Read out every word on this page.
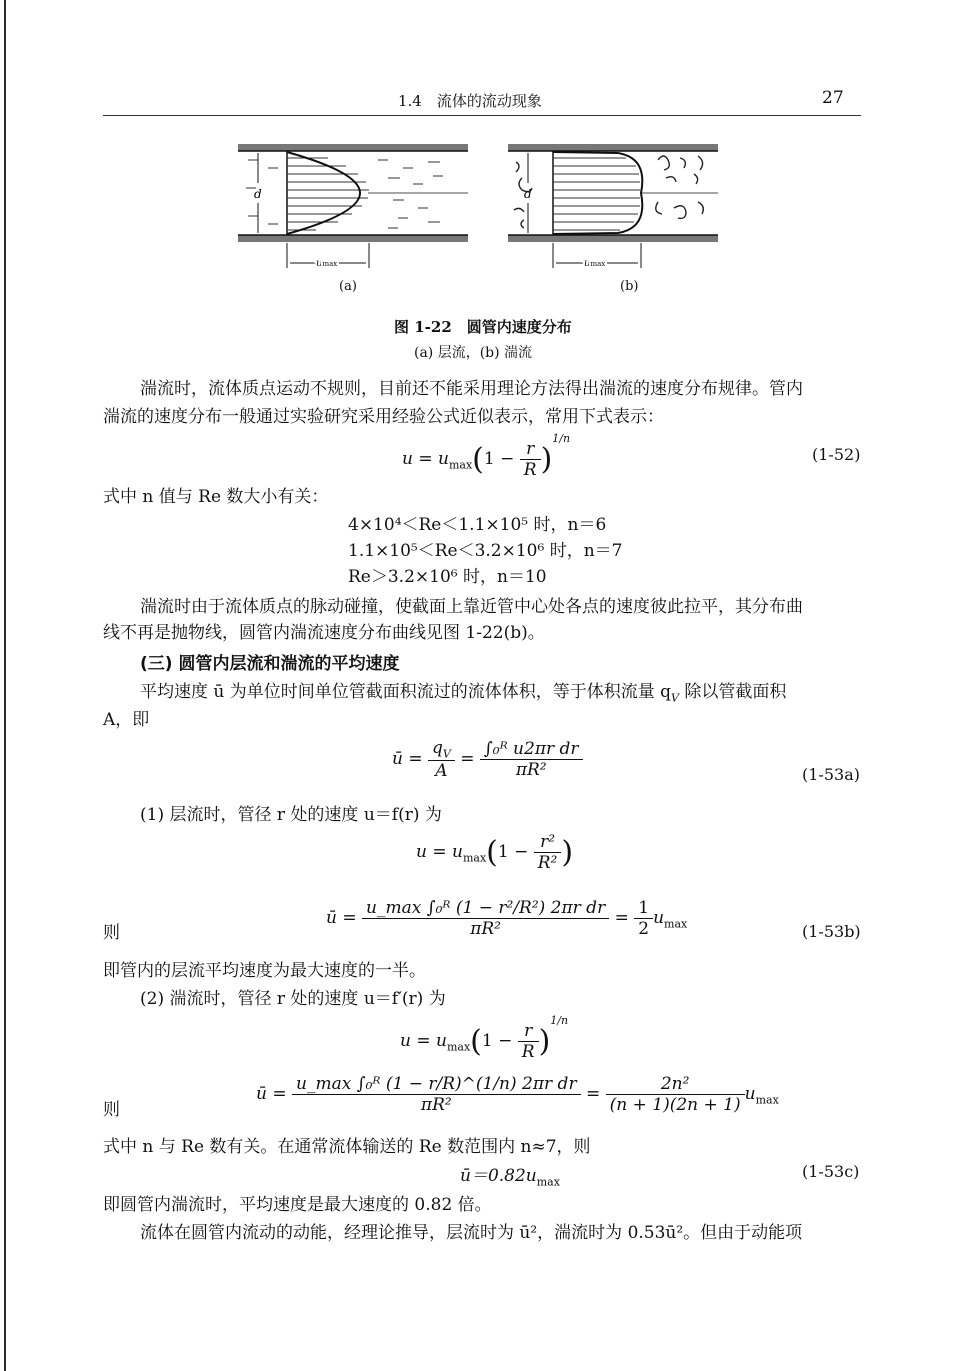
1.4　流体的流动现象	27
d
umax
(a)
d
umax
(b)
图 1-22　圆管内速度分布
(a) 层流，(b) 湍流
湍流时，流体质点运动不规则，目前还不能采用理论方法得出湍流的速度分布规律。管内
湍流的速度分布一般通过实验研究采用经验公式近似表示，常用下式表示：
$u = u_{max}(1 - \frac{r}{R} )^{1/n}$
(1-52)
式中 n 值与 Re 数大小有关：
4×10⁴＜Re＜1.1×10⁵ 时，n＝6
1.1×10⁵＜Re＜3.2×10⁶ 时，n＝7
Re＞3.2×10⁶ 时，n＝10
湍流时由于流体质点的脉动碰撞，使截面上靠近管中心处各点的速度彼此拉平，其分布曲
线不再是抛物线，圆管内湍流速度分布曲线见图 1-22(b)。
(三) 圆管内层流和湍流的平均速度
平均速度 ū 为单位时间单位管截面积流过的流体体积，等于体积流量 $q_V$ 除以管截面积
A，即
ū = $\frac{q_V}{A} = \frac{\text{∫₀ᴿ u2πr dr}}{\text{πR²}}$	(1-53a)
(1) 层流时，管径 r 处的速度 u＝f(r) 为
$u = u_{max}(1 - \frac{\text{r²}}{\text{R²}}$ )
则
ū = $\frac{\text{u\_max ∫₀ᴿ (1 − r²/R²) 2πr dr}}{\text{πR²}} = \frac{1}{2} u_{max}$	(1-53b)
即管内的层流平均速度为最大速度的一半。
(2) 湍流时，管径 r 处的速度 u＝f′(r) 为
$u = u_{max}(1 - \frac{r}{R} )^{1/n}$
则
ū = $\frac{\text{u\_max ∫₀ᴿ (1 − r/R)\textasciicircum{}(1/n) 2πr dr}}{\text{πR²}} = \frac{\text{2n²}}{(n + 1)(2n + 1)} u_{max}$
式中 n 与 Re 数有关。在通常流体输送的 Re 数范围内 n≈7，则
$ū=0.82u_{max}$
(1-53c)
即圆管内湍流时，平均速度是最大速度的 0.82 倍。
流体在圆管内流动的动能，经理论推导，层流时为 ū²，湍流时为 0.53ū²。但由于动能项
